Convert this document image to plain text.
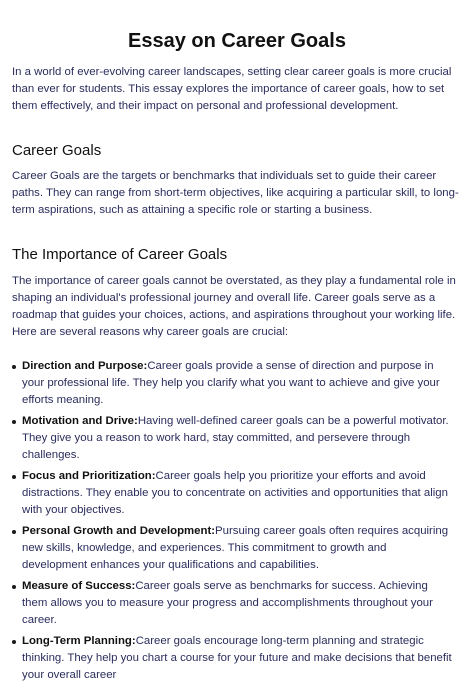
Essay on Career Goals

In a world of ever-evolving career landscapes, setting clear career goals is more crucial than ever for students. This essay explores the importance of career goals, how to set them effectively, and their impact on personal and professional development.

Career Goals

Career Goals are the targets or benchmarks that individuals set to guide their career paths. They can range from short-term objectives, like acquiring a particular skill, to long-term aspirations, such as attaining a specific role or starting a business.

The Importance of Career Goals

The importance of career goals cannot be overstated, as they play a fundamental role in shaping an individual's professional journey and overall life. Career goals serve as a roadmap that guides your choices, actions, and aspirations throughout your working life. Here are several reasons why career goals are crucial:

Direction and Purpose:Career goals provide a sense of direction and purpose in your professional life. They help you clarify what you want to achieve and give your efforts meaning.
Motivation and Drive:Having well-defined career goals can be a powerful motivator. They give you a reason to work hard, stay committed, and persevere through challenges.
Focus and Prioritization:Career goals help you prioritize your efforts and avoid distractions. They enable you to concentrate on activities and opportunities that align with your objectives.
Personal Growth and Development:Pursuing career goals often requires acquiring new skills, knowledge, and experiences. This commitment to growth and development enhances your qualifications and capabilities.
Measure of Success:Career goals serve as benchmarks for success. Achieving them allows you to measure your progress and accomplishments throughout your career.
Long-Term Planning:Career goals encourage long-term planning and strategic thinking. They help you chart a course for your future and make decisions that benefit your overall career
